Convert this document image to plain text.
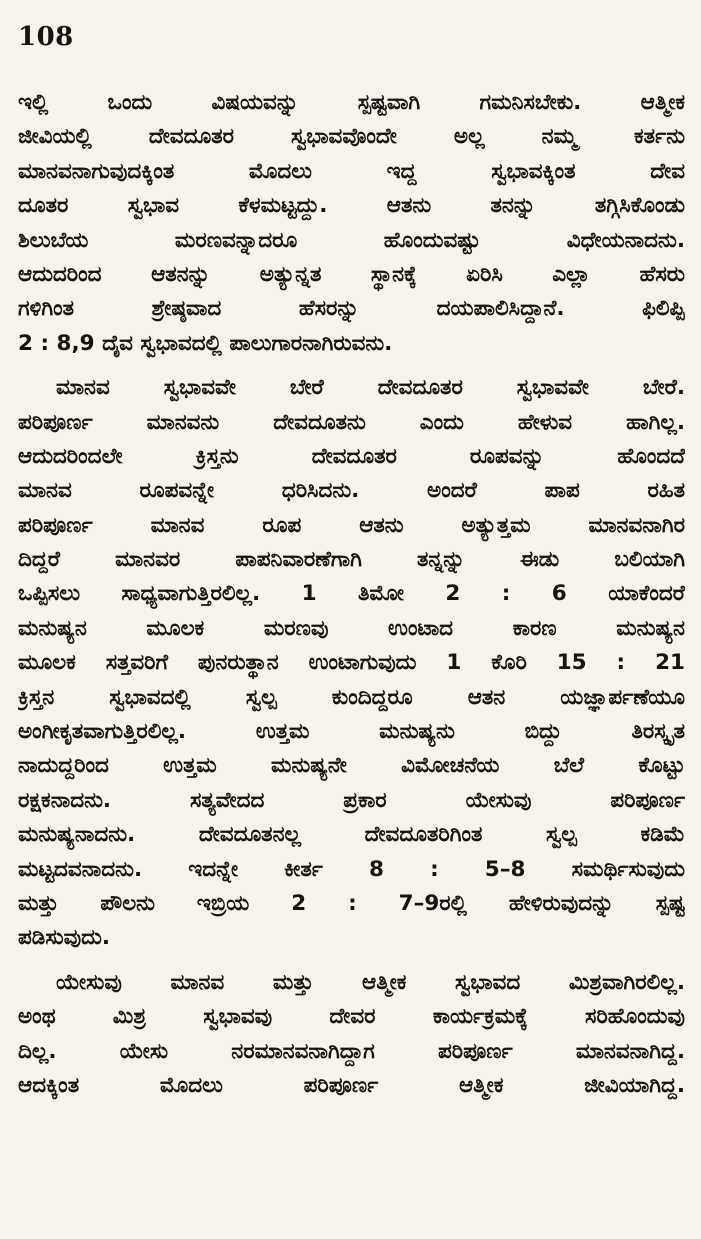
108
ಇಲ್ಲಿ ಒಂದು ವಿಷಯವನ್ನು ಸ್ಪಷ್ಟವಾಗಿ ಗಮನಿಸಬೇಕು. ಆತ್ಮೀಕ
ಜೀವಿಯಲ್ಲಿ ದೇವದೂತರ ಸ್ವಭಾವವೊಂದೇ ಅಲ್ಲ ನಮ್ಮ ಕರ್ತನು
ಮಾನವನಾಗುವುದಕ್ಕಿಂತ ಮೊದಲು ಇದ್ದ ಸ್ವಭಾವಕ್ಕಿಂತ ದೇವ
ದೂತರ ಸ್ವಭಾವ ಕೆಳಮಟ್ಟದ್ದು. ಆತನು ತನನ್ನು ತಗ್ಗಿಸಿಕೊಂಡು
ಶಿಲುಬೆಯ ಮರಣವನ್ನಾದರೂ ಹೊಂದುವಷ್ಟು ವಿಧೇಯನಾದನು.
ಆದುದರಿಂದ ಆತನನ್ನು ಅತ್ಯುನ್ನತ ಸ್ಥಾನಕ್ಕೆ ಏರಿಸಿ ಎಲ್ಲಾ ಹೆಸರು
ಗಳಿಗಿಂತ ಶ್ರೇಷ್ಠವಾದ ಹೆಸರನ್ನು ದಯಪಾಲಿಸಿದ್ದಾನೆ. ಫಿಲಿಪ್ಪಿ
2 : 8,9 ದೈವ ಸ್ವಭಾವದಲ್ಲಿ ಪಾಲುಗಾರನಾಗಿರುವನು.
ಮಾನವ ಸ್ವಭಾವವೇ ಬೇರೆ ದೇವದೂತರ ಸ್ವಭಾವವೇ ಬೇರೆ.
ಪರಿಪೂರ್ಣ ಮಾನವನು ದೇವದೂತನು ಎಂದು ಹೇಳುವ ಹಾಗಿಲ್ಲ.
ಆದುದರಿಂದಲೇ ಕ್ರಿಸ್ತನು ದೇವದೂತರ ರೂಪವನ್ನು ಹೊಂದದೆ
ಮಾನವ ರೂಪವನ್ನೇ ಧರಿಸಿದನು. ಅಂದರೆ ಪಾಪ ರಹಿತ
ಪರಿಪೂರ್ಣ ಮಾನವ ರೂಪ ಆತನು ಅತ್ಯುತ್ತಮ ಮಾನವನಾಗಿರ
ದಿದ್ದರೆ ಮಾನವರ ಪಾಪನಿವಾರಣೆಗಾಗಿ ತನ್ನನ್ನು ಈಡು ಬಲಿಯಾಗಿ
ಒಪ್ಪಿಸಲು ಸಾಧ್ಯವಾಗುತ್ತಿರಲಿಲ್ಲ. 1 ತಿಮೋ 2 : 6 ಯಾಕೆಂದರೆ
ಮನುಷ್ಯನ ಮೂಲಕ ಮರಣವು ಉಂಟಾದ ಕಾರಣ ಮನುಷ್ಯನ
ಮೂಲಕ ಸತ್ತವರಿಗೆ ಪುನರುತ್ಥಾನ ಉಂಟಾಗುವುದು 1 ಕೊರಿ 15 : 21
ಕ್ರಿಸ್ತನ ಸ್ವಭಾವದಲ್ಲಿ ಸ್ವಲ್ಪ ಕುಂದಿದ್ದರೂ ಆತನ ಯಜ್ಞಾರ್ಪಣೆಯೂ
ಅಂಗೀಕೃತವಾಗುತ್ತಿರಲಿಲ್ಲ. ಉತ್ತಮ ಮನುಷ್ಯನು ಬಿದ್ದು ತಿರಸ್ಕೃತ
ನಾದುದ್ದರಿಂದ ಉತ್ತಮ ಮನುಷ್ಯನೇ ವಿಮೋಚನೆಯ ಬೆಲೆ ಕೊಟ್ಟು
ರಕ್ಷಕನಾದನು. ಸತ್ಯವೇದದ ಪ್ರಕಾರ ಯೇಸುವು ಪರಿಪೂರ್ಣ
ಮನುಷ್ಯನಾದನು. ದೇವದೂತನಲ್ಲ ದೇವದೂತರಿಗಿಂತ ಸ್ವಲ್ಪ ಕಡಿಮೆ
ಮಟ್ಟದವನಾದನು. ಇದನ್ನೇ ಕೀರ್ತ 8 : 5–8 ಸಮರ್ಥಿಸುವುದು
ಮತ್ತು ಪೌಲನು ಇಬ್ರಿಯ 2 : 7–9ರಲ್ಲಿ ಹೇಳಿರುವುದನ್ನು ಸ್ಪಷ್ಟ
ಪಡಿಸುವುದು.
ಯೇಸುವು ಮಾನವ ಮತ್ತು ಆತ್ಮೀಕ ಸ್ವಭಾವದ ಮಿಶ್ರವಾಗಿರಲಿಲ್ಲ.
ಅಂಥ ಮಿಶ್ರ ಸ್ವಭಾವವು ದೇವರ ಕಾರ್ಯಕ್ರಮಕ್ಕೆ ಸರಿಹೊಂದುವು
ದಿಲ್ಲ. ಯೇಸು ನರಮಾನವನಾಗಿದ್ದಾಗ ಪರಿಪೂರ್ಣ ಮಾನವನಾಗಿದ್ದ.
ಆದಕ್ಕಿಂತ ಮೊದಲು ಪರಿಪೂರ್ಣ ಆತ್ಮೀಕ ಜೀವಿಯಾಗಿದ್ದ.
